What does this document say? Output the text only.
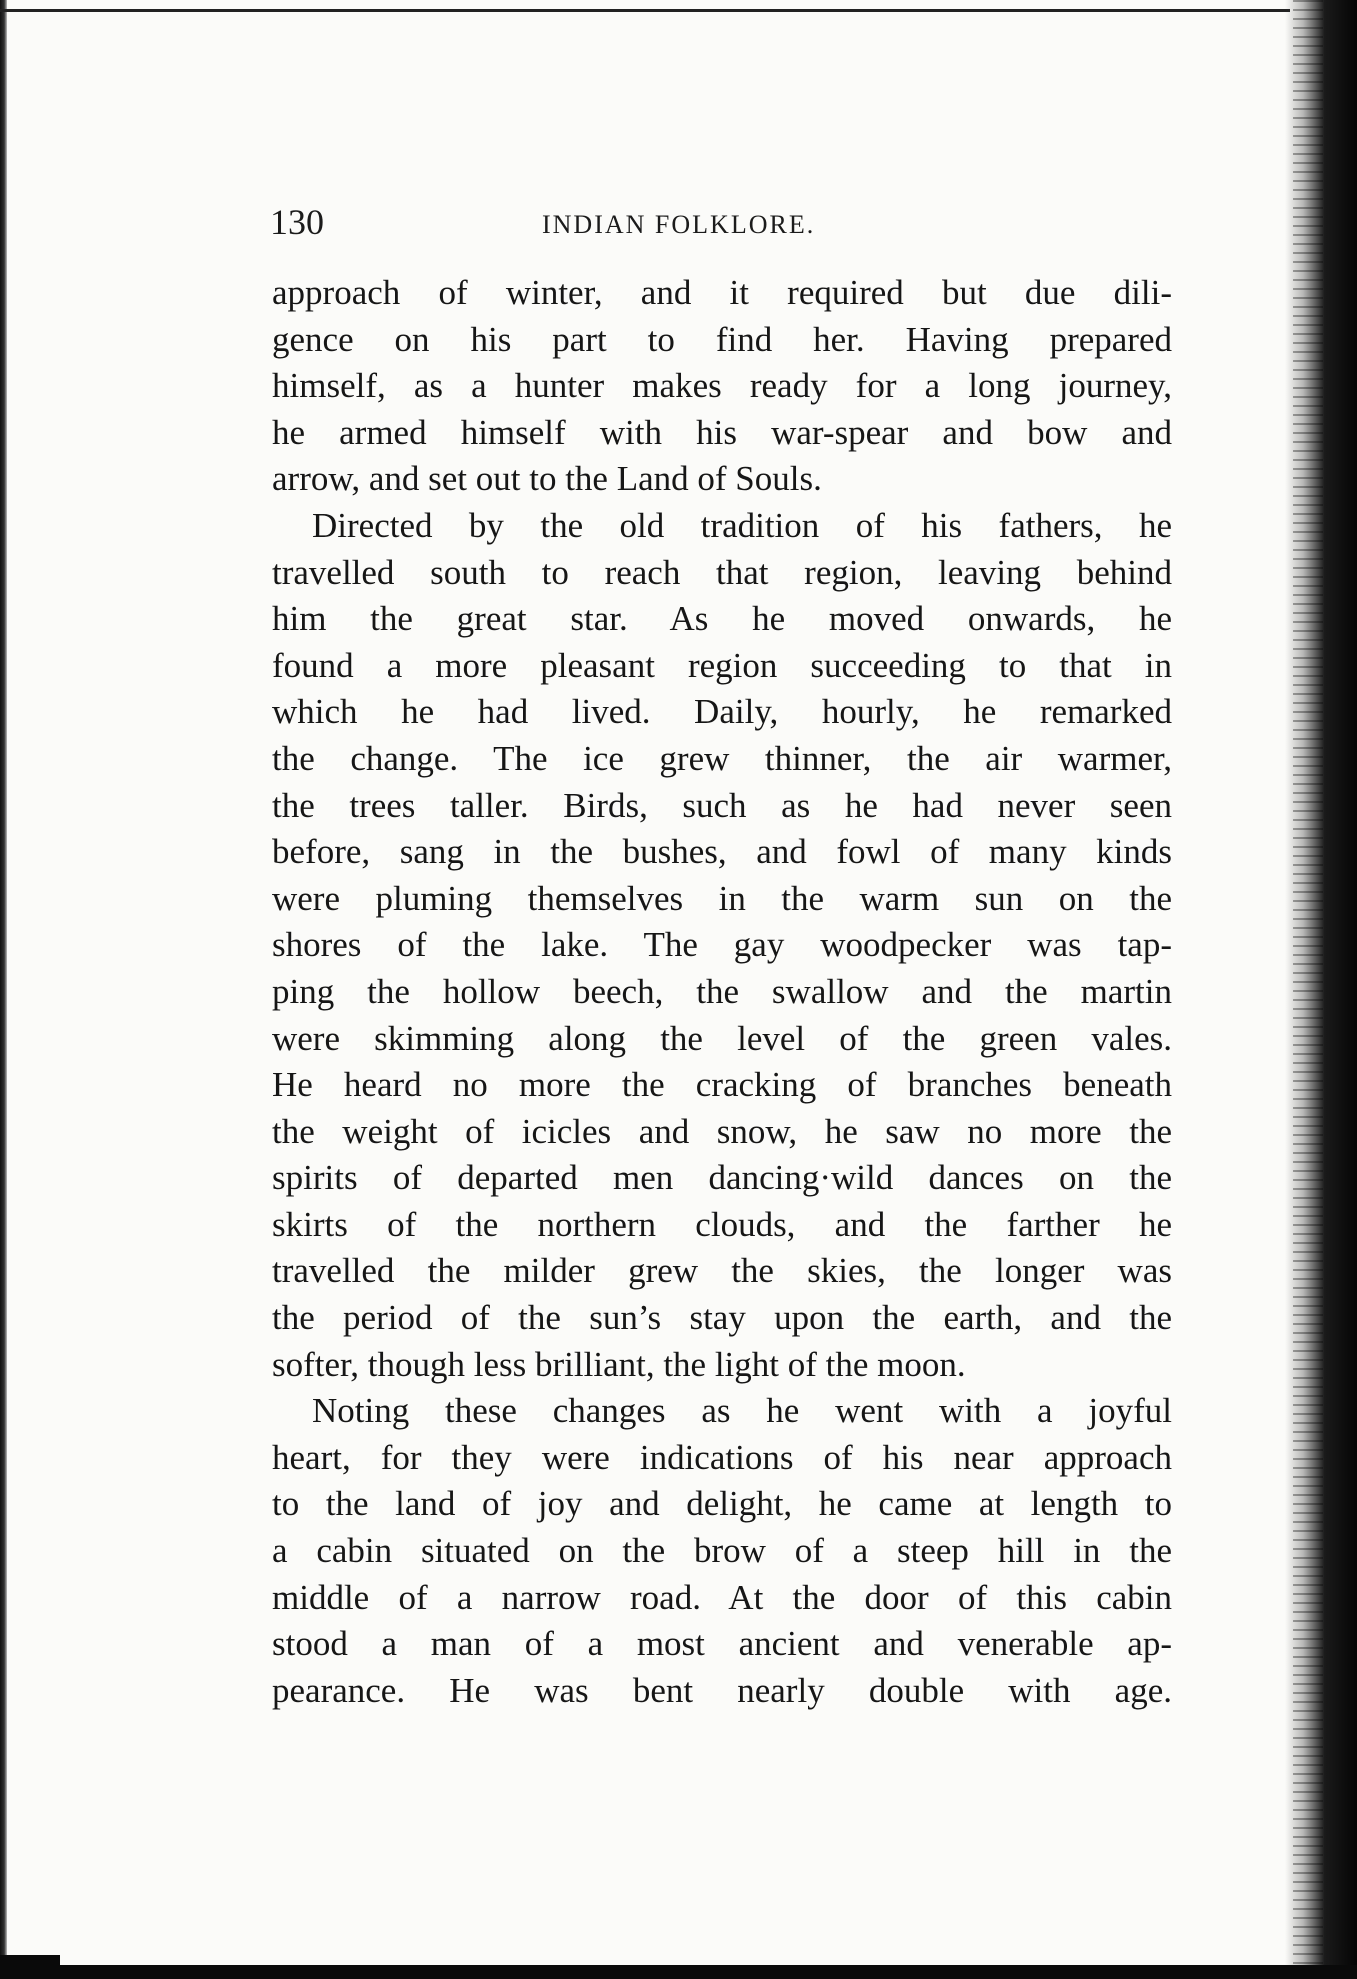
130	INDIAN FOLKLORE.

approach of winter, and it required but due dili-
gence on his part to find her. Having prepared
himself, as a hunter makes ready for a long journey,
he armed himself with his war-spear and bow and
arrow, and set out to the Land of Souls.

Directed by the old tradition of his fathers, he
travelled south to reach that region, leaving behind
him the great star. As he moved onwards, he
found a more pleasant region succeeding to that in
which he had lived. Daily, hourly, he remarked
the change. The ice grew thinner, the air warmer,
the trees taller. Birds, such as he had never seen
before, sang in the bushes, and fowl of many kinds
were pluming themselves in the warm sun on the
shores of the lake. The gay woodpecker was tap-
ping the hollow beech, the swallow and the martin
were skimming along the level of the green vales.
He heard no more the cracking of branches beneath
the weight of icicles and snow, he saw no more the
spirits of departed men dancing·wild dances on the
skirts of the northern clouds, and the farther he
travelled the milder grew the skies, the longer was
the period of the sun’s stay upon the earth, and the
softer, though less brilliant, the light of the moon.

Noting these changes as he went with a joyful
heart, for they were indications of his near approach
to the land of joy and delight, he came at length to
a cabin situated on the brow of a steep hill in the
middle of a narrow road. At the door of this cabin
stood a man of a most ancient and venerable ap-
pearance. He was bent nearly double with age.
